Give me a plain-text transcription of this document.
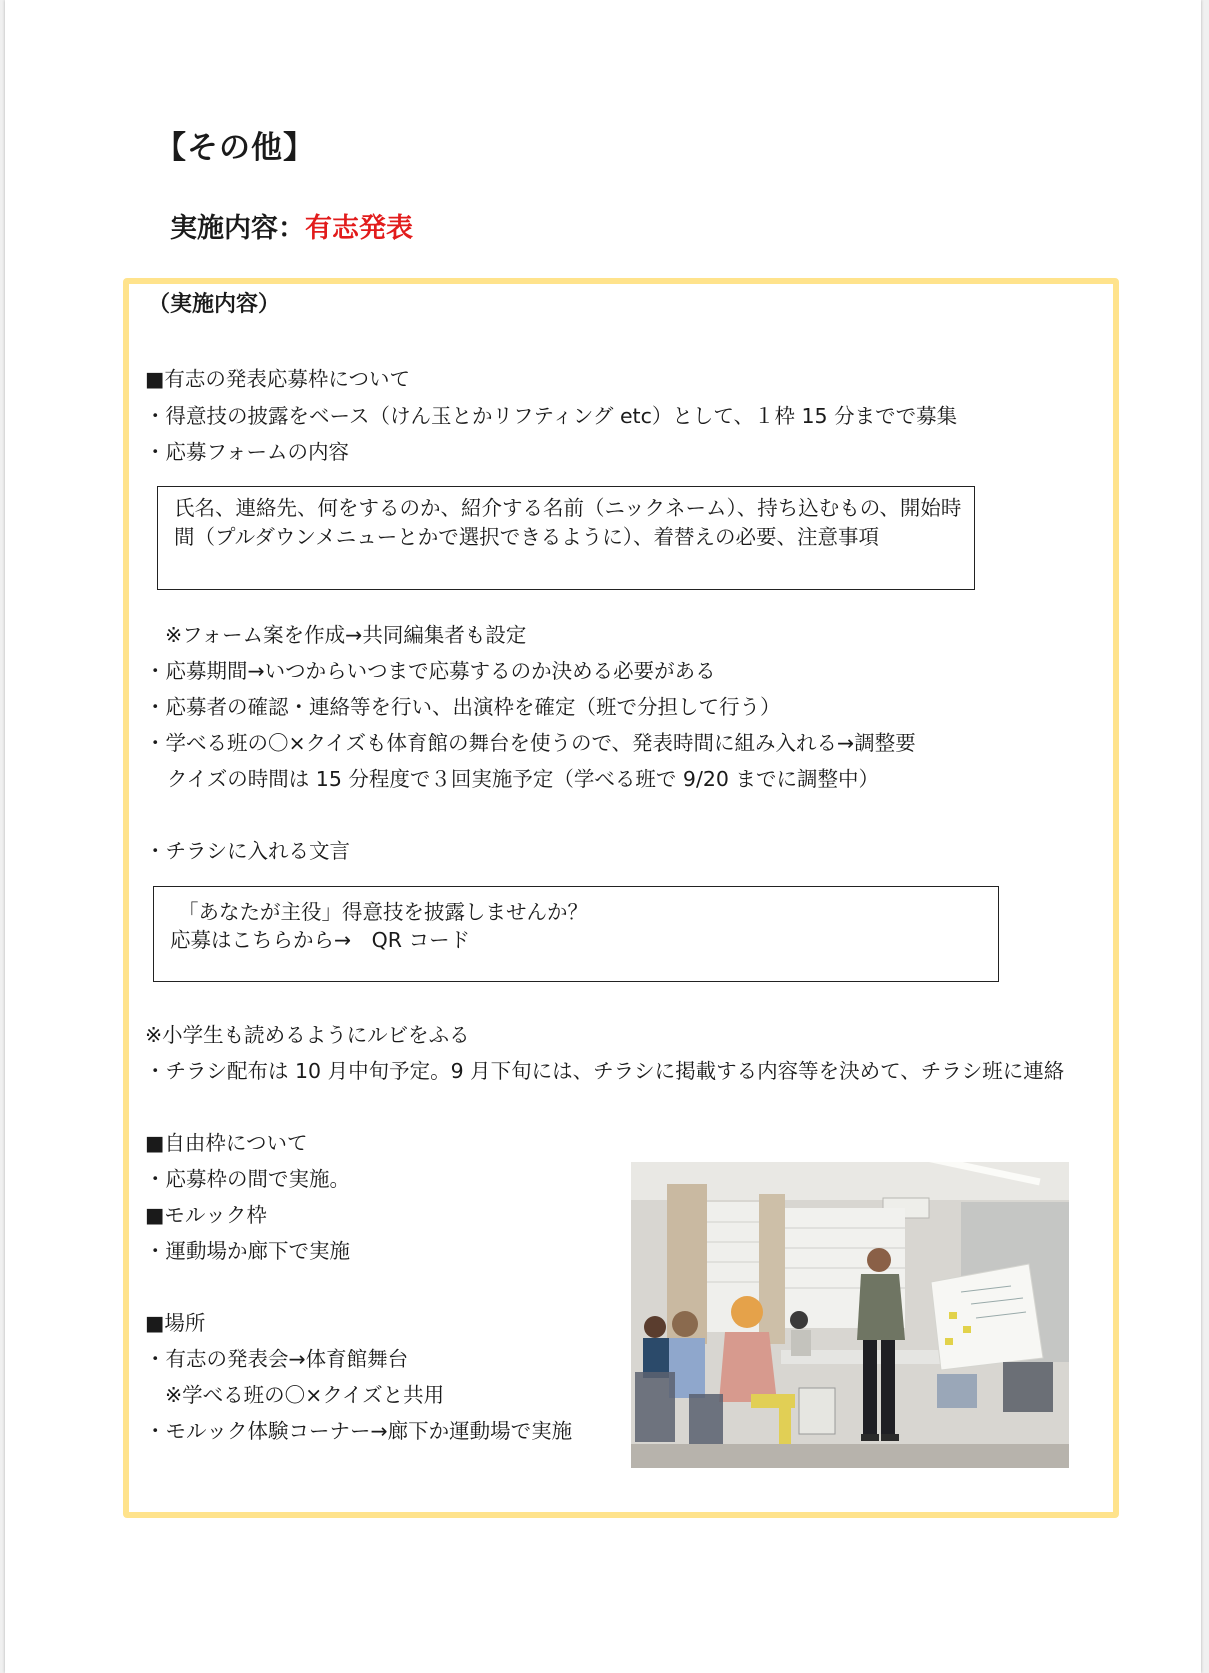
【その他】
実施内容：有志発表
（実施内容）
■有志の発表応募枠について
・得意技の披露をベース（けん玉とかリフティング etc）として、１枠 15 分までで募集
・応募フォームの内容
氏名、連絡先、何をするのか、紹介する名前（ニックネーム）、持ち込むもの、開始時
間（プルダウンメニューとかで選択できるように）、着替えの必要、注意事項
※フォーム案を作成→共同編集者も設定
・応募期間→いつからいつまで応募するのか決める必要がある
・応募者の確認・連絡等を行い、出演枠を確定（班で分担して行う）
・学べる班の〇×クイズも体育館の舞台を使うので、発表時間に組み入れる→調整要
クイズの時間は 15 分程度で３回実施予定（学べる班で 9/20 までに調整中）
・チラシに入れる文言
「あなたが主役」得意技を披露しませんか？
応募はこちらから→　QR コード
※小学生も読めるようにルビをふる
・チラシ配布は 10 月中旬予定。9 月下旬には、チラシに掲載する内容等を決めて、チラシ班に連絡
■自由枠について
・応募枠の間で実施。
■モルック枠
・運動場か廊下で実施
■場所
・有志の発表会→体育館舞台
※学べる班の〇×クイズと共用
・モルック体験コーナー→廊下か運動場で実施
